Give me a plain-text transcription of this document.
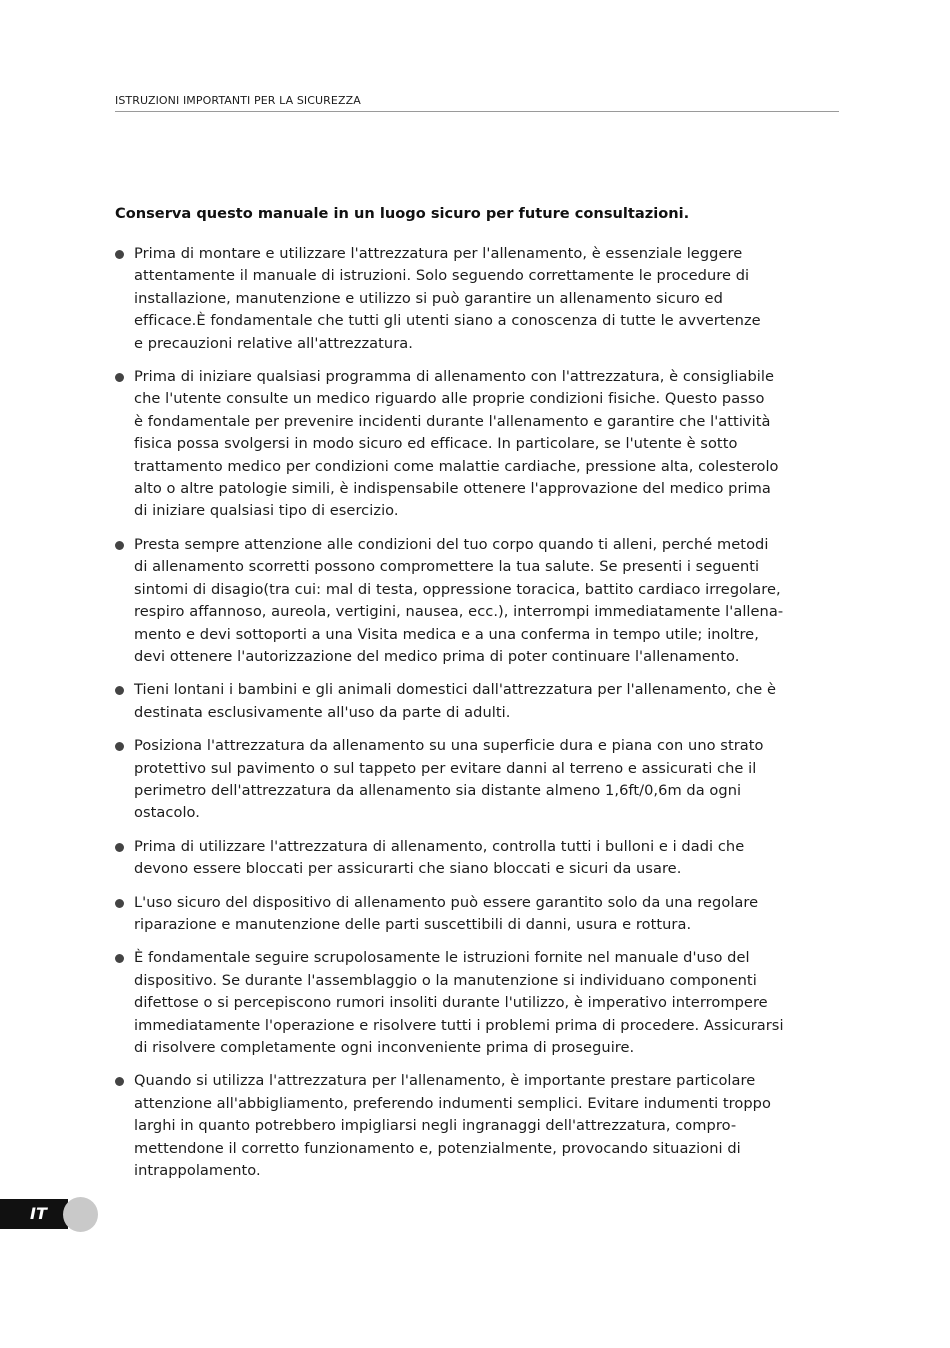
ISTRUZIONI IMPORTANTI PER LA SICUREZZA
Conserva questo manuale in un luogo sicuro per future consultazioni.
Prima di montare e utilizzare l'attrezzatura per l'allenamento, è essenziale leggere
attentamente il manuale di istruzioni. Solo seguendo correttamente le procedure di
installazione, manutenzione e utilizzo si può garantire un allenamento sicuro ed
efficace.È fondamentale che tutti gli utenti siano a conoscenza di tutte le avvertenze
e precauzioni relative all'attrezzatura.
Prima di iniziare qualsiasi programma di allenamento con l'attrezzatura, è consigliabile
che l'utente consulte un medico riguardo alle proprie condizioni fisiche. Questo passo
è fondamentale per prevenire incidenti durante l'allenamento e garantire che l'attività
fisica possa svolgersi in modo sicuro ed efficace. In particolare, se l'utente è sotto
trattamento medico per condizioni come malattie cardiache, pressione alta, colesterolo
alto o altre patologie simili, è indispensabile ottenere l'approvazione del medico prima
di iniziare qualsiasi tipo di esercizio.
Presta sempre attenzione alle condizioni del tuo corpo quando ti alleni, perché metodi
di allenamento scorretti possono compromettere la tua salute. Se presenti i seguenti
sintomi di disagio(tra cui: mal di testa, oppressione toracica, battito cardiaco irregolare,
respiro affannoso, aureola, vertigini, nausea, ecc.), interrompi immediatamente l'allena-
mento e devi sottoporti a una Visita medica e a una conferma in tempo utile; inoltre,
devi ottenere l'autorizzazione del medico prima di poter continuare l'allenamento.
Tieni lontani i bambini e gli animali domestici dall'attrezzatura per l'allenamento, che è
destinata esclusivamente all'uso da parte di adulti.
Posiziona l'attrezzatura da allenamento su una superficie dura e piana con uno strato
protettivo sul pavimento o sul tappeto per evitare danni al terreno e assicurati che il
perimetro dell'attrezzatura da allenamento sia distante almeno 1,6ft/0,6m da ogni
ostacolo.
Prima di utilizzare l'attrezzatura di allenamento, controlla tutti i bulloni e i dadi che
devono essere bloccati per assicurarti che siano bloccati e sicuri da usare.
L'uso sicuro del dispositivo di allenamento può essere garantito solo da una regolare
riparazione e manutenzione delle parti suscettibili di danni, usura e rottura.
È fondamentale seguire scrupolosamente le istruzioni fornite nel manuale d'uso del
dispositivo. Se durante l'assemblaggio o la manutenzione si individuano componenti
difettose o si percepiscono rumori insoliti durante l'utilizzo, è imperativo interrompere
immediatamente l'operazione e risolvere tutti i problemi prima di procedere. Assicurarsi
di risolvere completamente ogni inconveniente prima di proseguire.
Quando si utilizza l'attrezzatura per l'allenamento, è importante prestare particolare
attenzione all'abbigliamento, preferendo indumenti semplici. Evitare indumenti troppo
larghi in quanto potrebbero impigliarsi negli ingranaggi dell'attrezzatura, compro-
mettendone il corretto funzionamento e, potenzialmente, provocando situazioni di
intrappolamento.
IT
